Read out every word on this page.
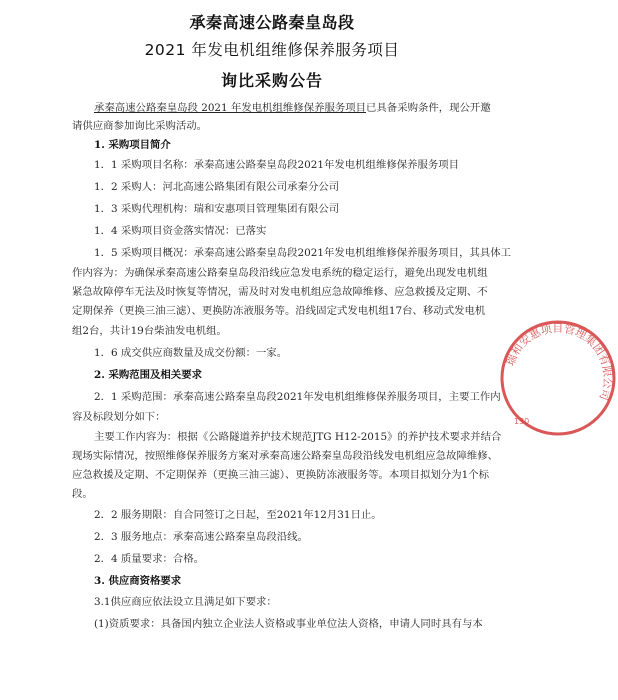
承秦高速公路秦皇岛段
2021 年发电机组维修保养服务项目
询比采购公告
承秦高速公路秦皇岛段 2021 年发电机组维修保养服务项目已具备采购条件，现公开邀
请供应商参加询比采购活动。
1. 采购项目简介
1．1 采购项目名称：承秦高速公路秦皇岛段2021年发电机组维修保养服务项目
1．2 采购人：河北高速公路集团有限公司承秦分公司
1．3 采购代理机构：瑞和安惠项目管理集团有限公司
1．4 采购项目资金落实情况：已落实
1．5 采购项目概况：承秦高速公路秦皇岛段2021年发电机组维修保养服务项目，其具体工
作内容为：为确保承秦高速公路秦皇岛段沿线应急发电系统的稳定运行，避免出现发电机组
紧急故障停车无法及时恢复等情况，需及时对发电机组应急故障维修、应急救援及定期、不
定期保养（更换三油三滤）、更换防冻液服务等。沿线固定式发电机组17台、移动式发电机
组2台，共计19台柴油发电机组。
1．6 成交供应商数量及成交份额：一家。
2. 采购范围及相关要求
2．1 采购范围：承秦高速公路秦皇岛段2021年发电机组维修保养服务项目，主要工作内
容及标段划分如下：
主要工作内容为：根据《公路隧道养护技术规范JTG H12-2015》的养护技术要求并结合
现场实际情况，按照维修保养服务方案对承秦高速公路秦皇岛段沿线发电机组应急故障维修、
应急救援及定期、不定期保养（更换三油三滤）、更换防冻液服务等。本项目拟划分为1个标
段。
2．2 服务期限：自合同签订之日起，至2021年12月31日止。
2．3 服务地点：承秦高速公路秦皇岛段沿线。
2．4 质量要求：合格。
3. 供应商资格要求
3.1供应商应依法设立且满足如下要求：
(1)资质要求：具备国内独立企业法人资格或事业单位法人资格，申请人同时具有与本
瑞和安惠项目管理集团有限公司
130
